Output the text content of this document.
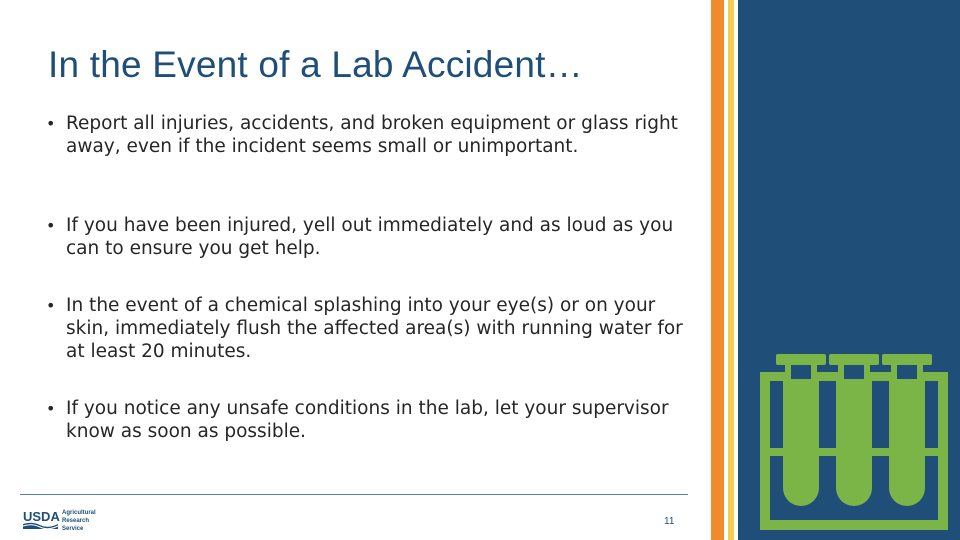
In the Event of a Lab Accident…
• Report all injuries, accidents, and broken equipment or glass right away, even if the incident seems small or unimportant.
• If you have been injured, yell out immediately and as loud as you can to ensure you get help.
• In the event of a chemical splashing into your eye(s) or on your skin, immediately flush the affected area(s) with running water for at least 20 minutes.
• If you notice any unsafe conditions in the lab, let your supervisor know as soon as possible.
USDA Agricultural
Research
Service
11
